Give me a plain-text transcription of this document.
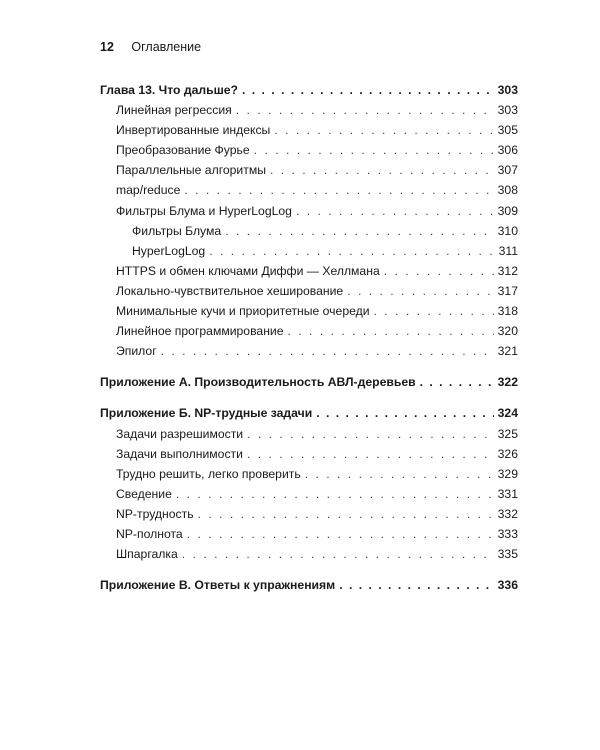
12 Оглавление
Глава 13. Что дальше? . . .	303
Линейная регрессия . . .	303
Инвертированные индексы . . .	305
Преобразование Фурье . . .	306
Параллельные алгоритмы . . .	307
map/reduce . . .	308
Фильтры Блума и HyperLogLog . . .	309
Фильтры Блума . . .	310
HyperLogLog . . .	311
HTTPS и обмен ключами Диффи — Хеллмана . . .	312
Локально-чувствительное хеширование . . .	317
Минимальные кучи и приоритетные очереди . . .	318
Линейное программирование . . .	320
Эпилог . . .	321
Приложение А. Производительность АВЛ-деревьев . . .	322
Приложение Б. NP-трудные задачи . . .	324
Задачи разрешимости . . .	325
Задачи выполнимости . . .	326
Трудно решить, легко проверить . . .	329
Сведение . . .	331
NP-трудность . . .	332
NP-полнота . . .	333
Шпаргалка . . .	335
Приложение В. Ответы к упражнениям . . .	336
